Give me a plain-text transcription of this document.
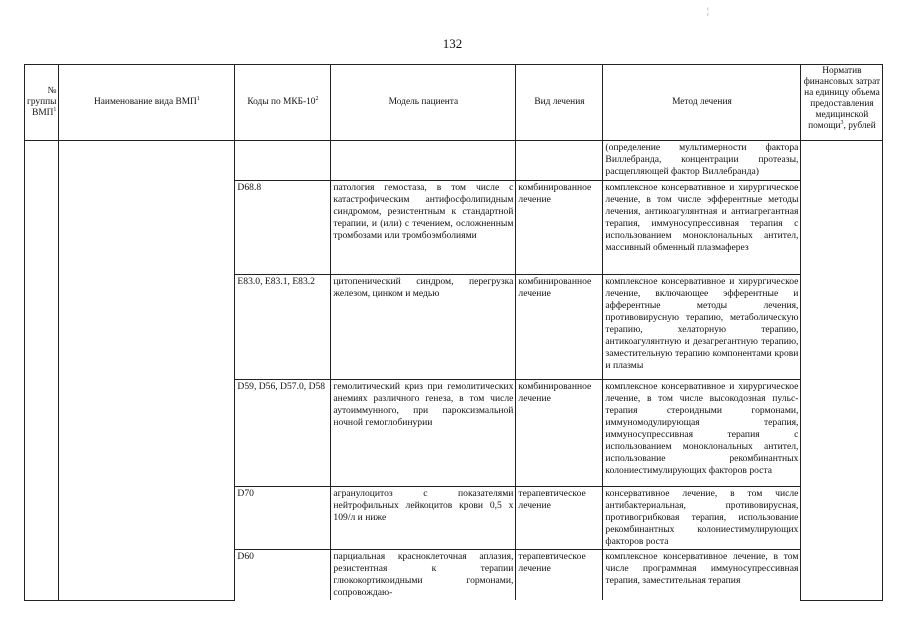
¦
132
№ группы ВМП$^1$	Наименование вида ВМП$^1$	Коды по МКБ-$10^2$	Модель пациента	Вид лечения	Метод лечения	Норматив финансовых затрат на единицу объема предоставления медицинской помощи$^3$, рублей
					(определение мультимерности фактора Виллебранда, концентрации протеазы, расщепляющей фактор Виллебранда)	
		D68.8	патология гемостаза, в том числе с катастрофическим антифосфолипидным синдромом, резистентным к стандартной терапии, и (или) с течением, осложненным тромбозами или тромбоэмболиями	комбинированное лечение	комплексное консервативное и хирургическое лечение, в том числе эфферентные методы лечения, антикоагулянтная и антиагрегантная терапия, иммуносупрессивная терапия с использованием моноклональных антител, массивный обменный плазмаферез	
		E83.0, E83.1, E83.2	цитопенический синдром, перегрузка железом, цинком и медью	комбинированное лечение	комплексное консервативное и хирургическое лечение, включающее эфферентные и афферентные методы лечения, противовирусную терапию, метаболическую терапию, хелаторную терапию, антикоагулянтную и дезагрегантную терапию, заместительную терапию компонентами крови и плазмы	
		D59, D56, D57.0, D58	гемолитический криз при гемолитических анемиях различного генеза, в том числе аутоиммунного, при пароксизмальной ночной гемоглобинурии	комбинированное лечение	комплексное консервативное и хирургическое лечение, в том числе высокодозная пульс-терапия стероидными гормонами, иммуномодулирующая терапия, иммуносупрессивная терапия с использованием моноклональных антител, использование рекомбинантных колониестимулирующих факторов роста	
		D70	агранулоцитоз с показателями нейтрофильных лейкоцитов крови 0,5 x 109/л и ниже	терапевтическое лечение	консервативное лечение, в том числе антибактериальная, противовирусная, противогрибковая терапия, использование рекомбинантных колониестимулирующих факторов роста	
		D60	парциальная красноклеточная аплазия, резистентная к терапии глюкокортикоидными гормонами, сопровождаю-	терапевтическое лечение	комплексное консервативное лечение, в том числе программная иммуносупрессивная терапия, заместительная терапия	
